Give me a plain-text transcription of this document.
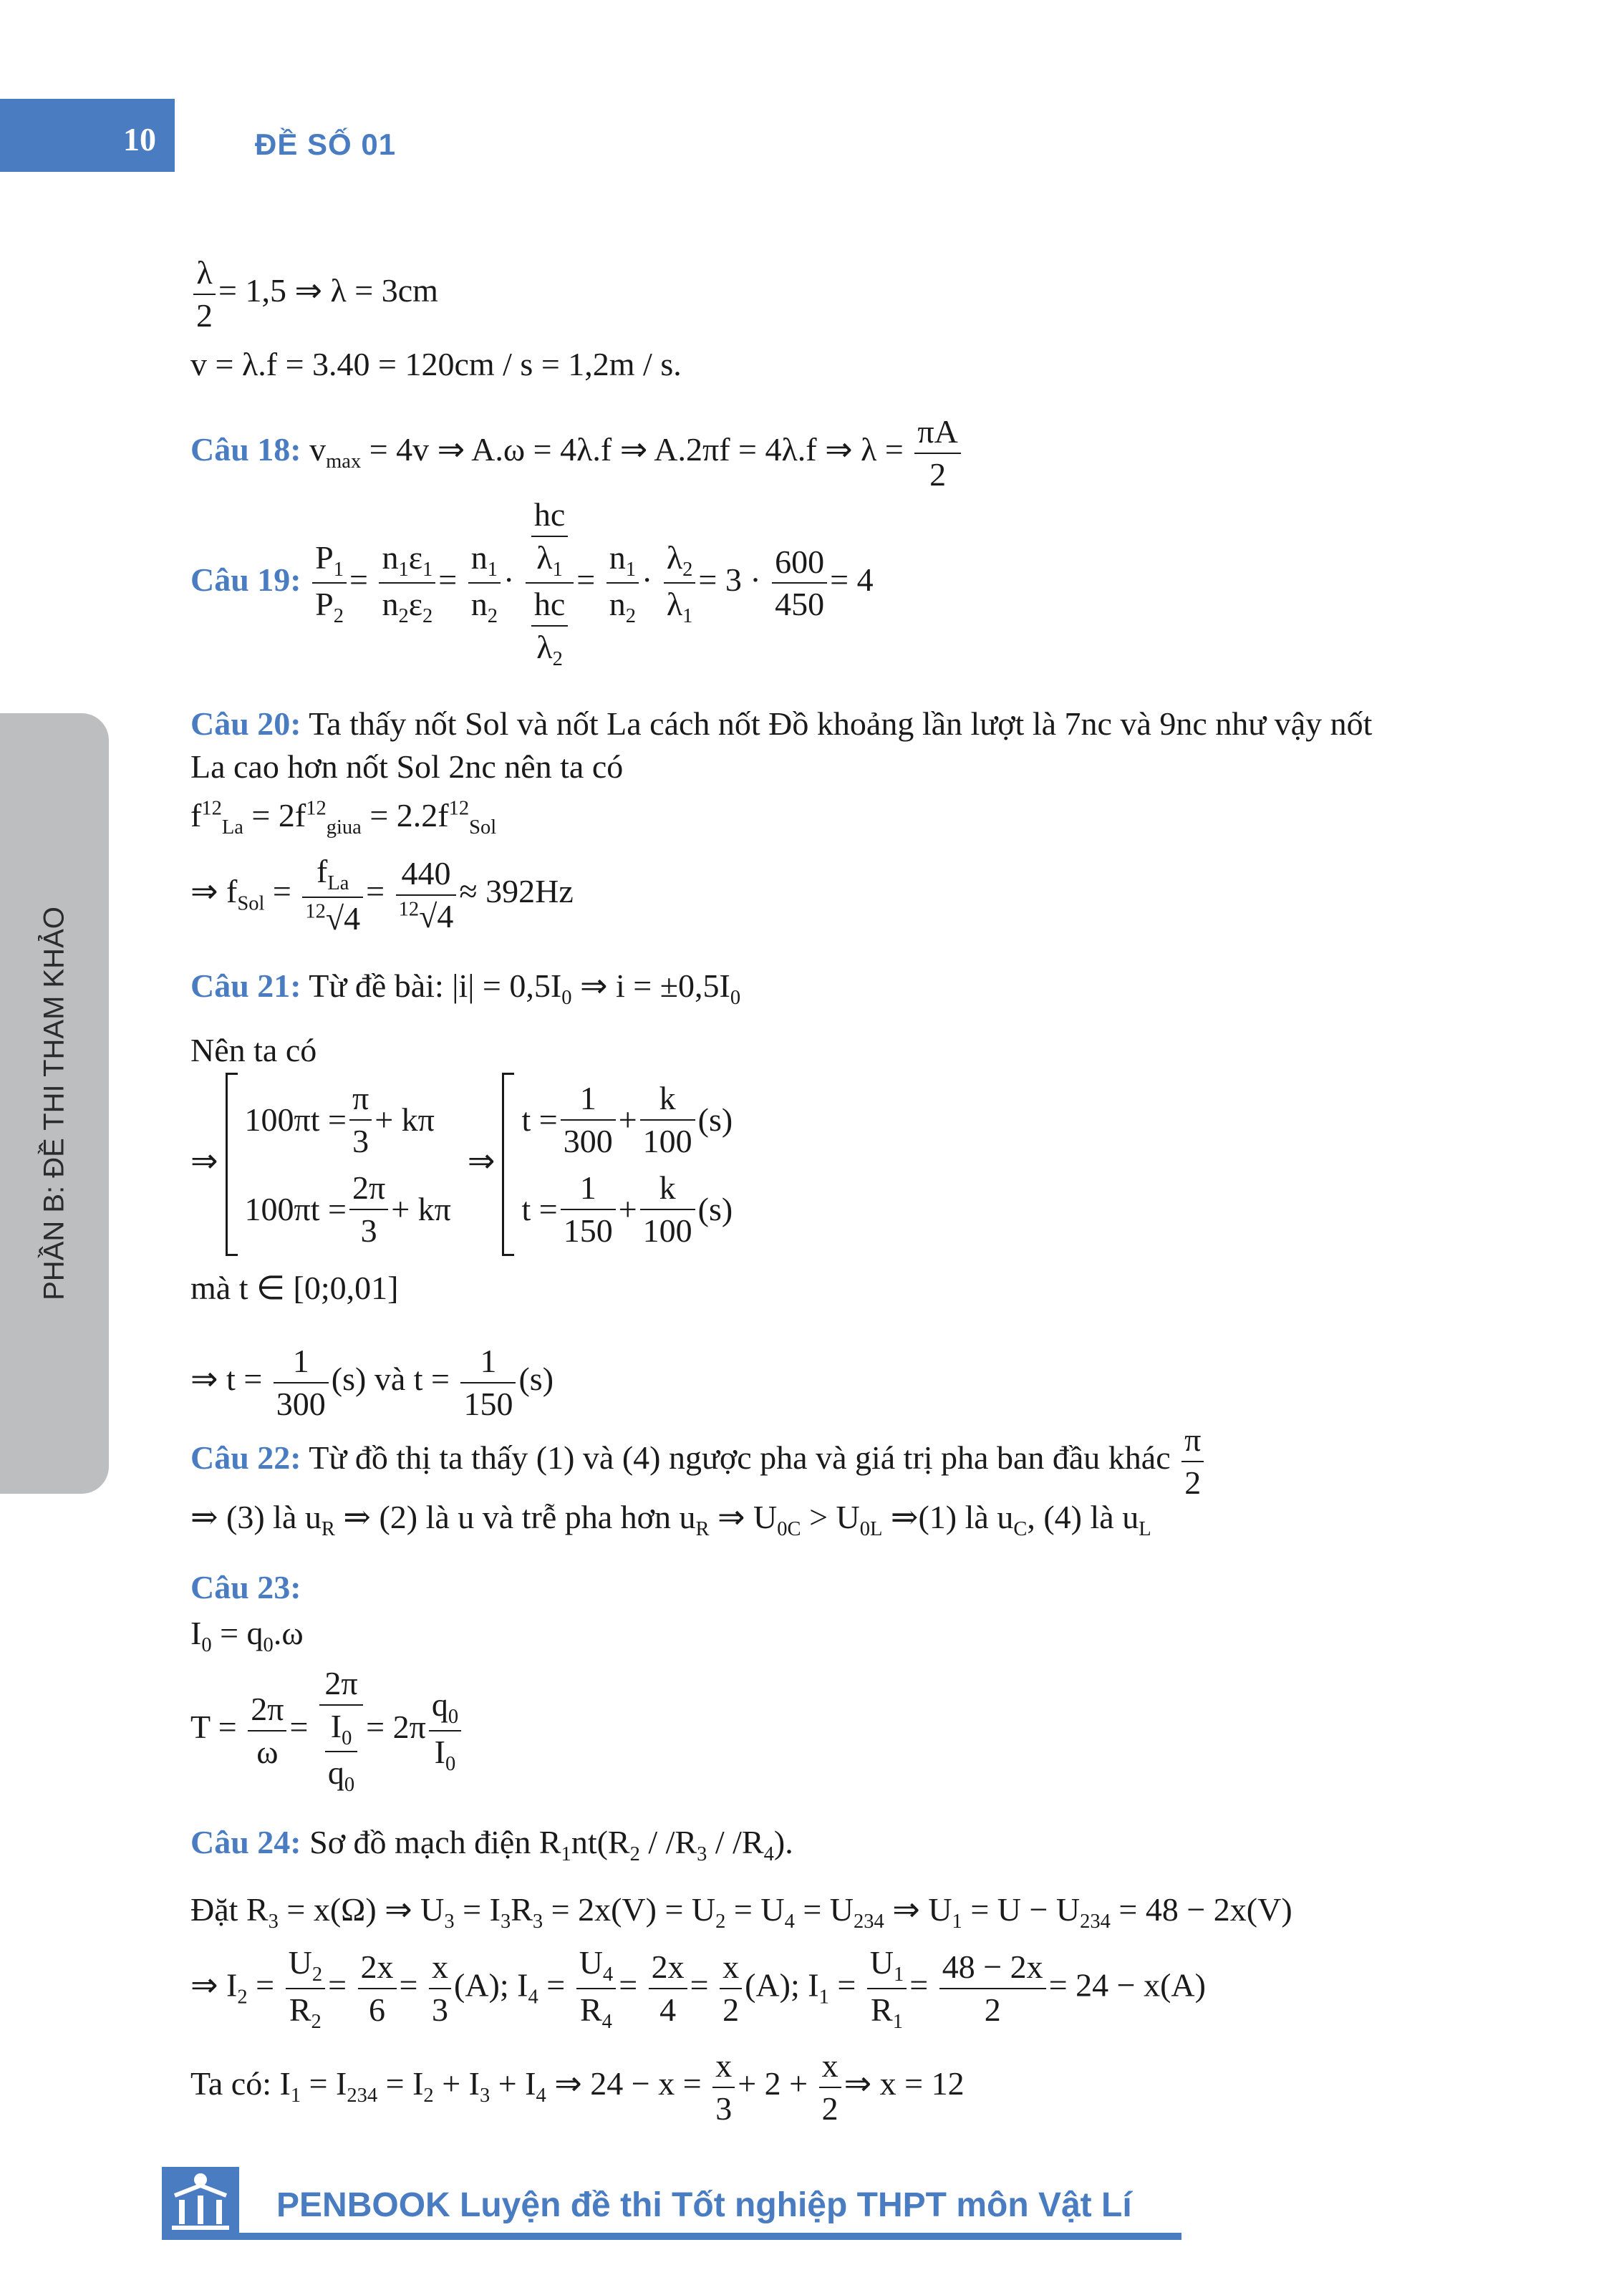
10	ĐỀ SỐ 01
PHẦN B: ĐỀ THI THAM KHẢO
$\frac{\lambda}{2} = 1,5$ ⇒ λ = 3cm
v = λ.f = 3.40 = 120cm / s = 1,2m / s.
Câu 18: $v_{max} = 4v$ ⇒ A.ω = 4λ.f ⇒ A.2πf = 4λ.f ⇒ $\lambda = \frac{\pi A}{2}$
Câu 19: $\frac{P_1}{P_2} = \frac{n_1\varepsilon_1}{n_2\varepsilon_2} = \frac{n_1}{n_2} \cdot \frac{\frac{hc}{\lambda_1}}{\frac{hc}{\lambda_2}} = \frac{n_1}{n_2} \cdot \frac{\lambda_2}{\lambda_1} = 3 \cdot \frac{600}{450} = 4$
Câu 20: Ta thấy nốt Sol và nốt La cách nốt Đồ khoảng lần lượt là 7nc và 9nc như vậy nốt
La cao hơn nốt Sol 2nc nên ta có
$f^{12}_{La} = 2f^{12}_{giua} = 2.2f^{12}_{Sol}$
⇒ $f_{Sol} = \frac{f_{La}}{^{12}√4} = \frac{440}{^{12}√4} \approx 392Hz$
Câu 21: Từ đề bài: $|i| = 0,5I_0$ ⇒ $i = \pm 0,5I_0$
Nên ta có
⇒
$100\pi t = \frac{\pi}{3} + k\pi$
$100\pi t = \frac{2\pi}{3} + k\pi$
⇒
$t = \frac{1}{300} + \frac{k}{100} (s)$
$t = \frac{1}{150} + \frac{k}{100} (s)$
mà t ∈ [0;0,01]
⇒ $t = \frac{1}{300} (s)$ và $t = \frac{1}{150} (s)$
Câu 22: Từ đồ thị ta thấy (1) và (4) ngược pha và giá trị pha ban đầu khác $\frac{\pi}{2}$
⇒ (3) là $u_R$ ⇒ (2) là u và trễ pha hơn $u_R$ ⇒ $U_{0C} > U_{0L}$ ⇒(1) là $u_C$, (4) là $u_L$
Câu 23:
$I_0 = q_0.\omega$
$T = \frac{2\pi}{\omega} = \frac{2\pi}{\frac{I_0}{q_0}} = 2\pi \frac{q_0}{I_0}$
Câu 24: Sơ đồ mạch điện $R_1nt(R_2 / /R_3 / /R_4)$.
Đặt $R_3 = x(\Omega)$ ⇒ $U_3 = I_3R_3 = 2x(V) = U_2 = U_4 = U_{234}$ ⇒ $U_1 = U - U_{234} = 48 - 2x(V)$
⇒ $I_2 = \frac{U_2}{R_2} = \frac{2x}{6} = \frac{x}{3} (A)$; $I_4 = \frac{U_4}{R_4} = \frac{2x}{4} = \frac{x}{2} (A)$; $I_1 = \frac{U_1}{R_1} = \frac{48 - 2x}{2} = 24 - x(A)$
Ta có: $I_1 = I_{234} = I_2 + I_3 + I_4$ ⇒ $24 - x = \frac{x}{3} + 2 + \frac{x}{2}$ ⇒ x = 12
PENBOOK Luyện đề thi Tốt nghiệp THPT môn Vật Lí
